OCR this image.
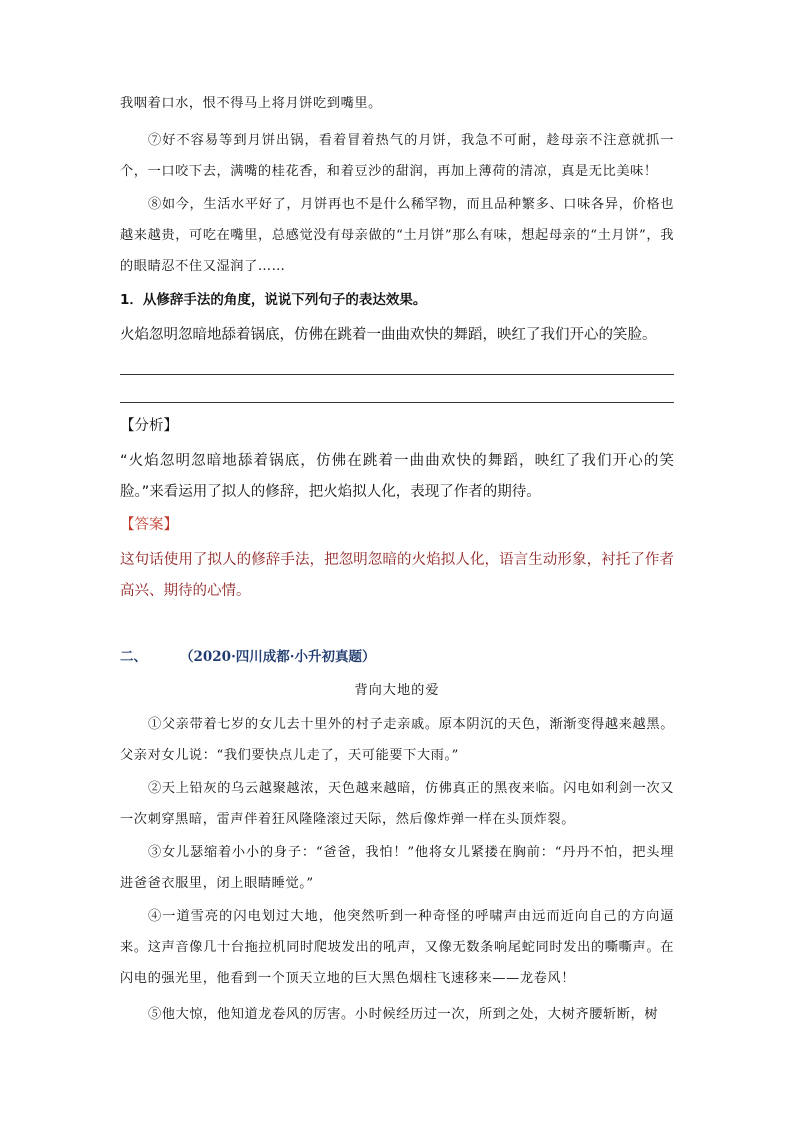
我咽着口水，恨不得马上将月饼吃到嘴里。

⑦好不容易等到月饼出锅，看着冒着热气的月饼，我急不可耐，趁母亲不注意就抓一个，一口咬下去，满嘴的桂花香，和着豆沙的甜润，再加上薄荷的清凉，真是无比美味！

⑧如今，生活水平好了，月饼再也不是什么稀罕物，而且品种繁多、口味各异，价格也越来越贵，可吃在嘴里，总感觉没有母亲做的“土月饼”那么有味，想起母亲的“土月饼”，我的眼睛忍不住又湿润了……

1．从修辞手法的角度，说说下列句子的表达效果。

火焰忽明忽暗地舔着锅底，仿佛在跳着一曲曲欢快的舞蹈，映红了我们开心的笑脸。

【分析】

“火焰忽明忽暗地舔着锅底，仿佛在跳着一曲曲欢快的舞蹈，映红了我们开心的笑脸。”来看运用了拟人的修辞，把火焰拟人化，表现了作者的期待。

【答案】

这句话使用了拟人的修辞手法，把忽明忽暗的火焰拟人化，语言生动形象，衬托了作者高兴、期待的心情。

二、 （2020·四川成都·小升初真题）
背向大地的爱

①父亲带着七岁的女儿去十里外的村子走亲戚。原本阴沉的天色，渐渐变得越来越黑。父亲对女儿说：“我们要快点儿走了，天可能要下大雨。”

②天上铅灰的乌云越聚越浓，天色越来越暗，仿佛真正的黑夜来临。闪电如利剑一次又一次刺穿黑暗，雷声伴着狂风隆隆滚过天际，然后像炸弹一样在头顶炸裂。

③女儿瑟缩着小小的身子：“爸爸，我怕！”他将女儿紧搂在胸前：“丹丹不怕，把头埋进爸爸衣服里，闭上眼睛睡觉。”

④一道雪亮的闪电划过大地，他突然听到一种奇怪的呼啸声由远而近向自己的方向逼来。这声音像几十台拖拉机同时爬坡发出的吼声，又像无数条响尾蛇同时发出的嘶嘶声。在闪电的强光里，他看到一个顶天立地的巨大黑色烟柱飞速移来——龙卷风！

⑤他大惊，他知道龙卷风的厉害。小时候经历过一次，所到之处，大树齐腰斩断，树
